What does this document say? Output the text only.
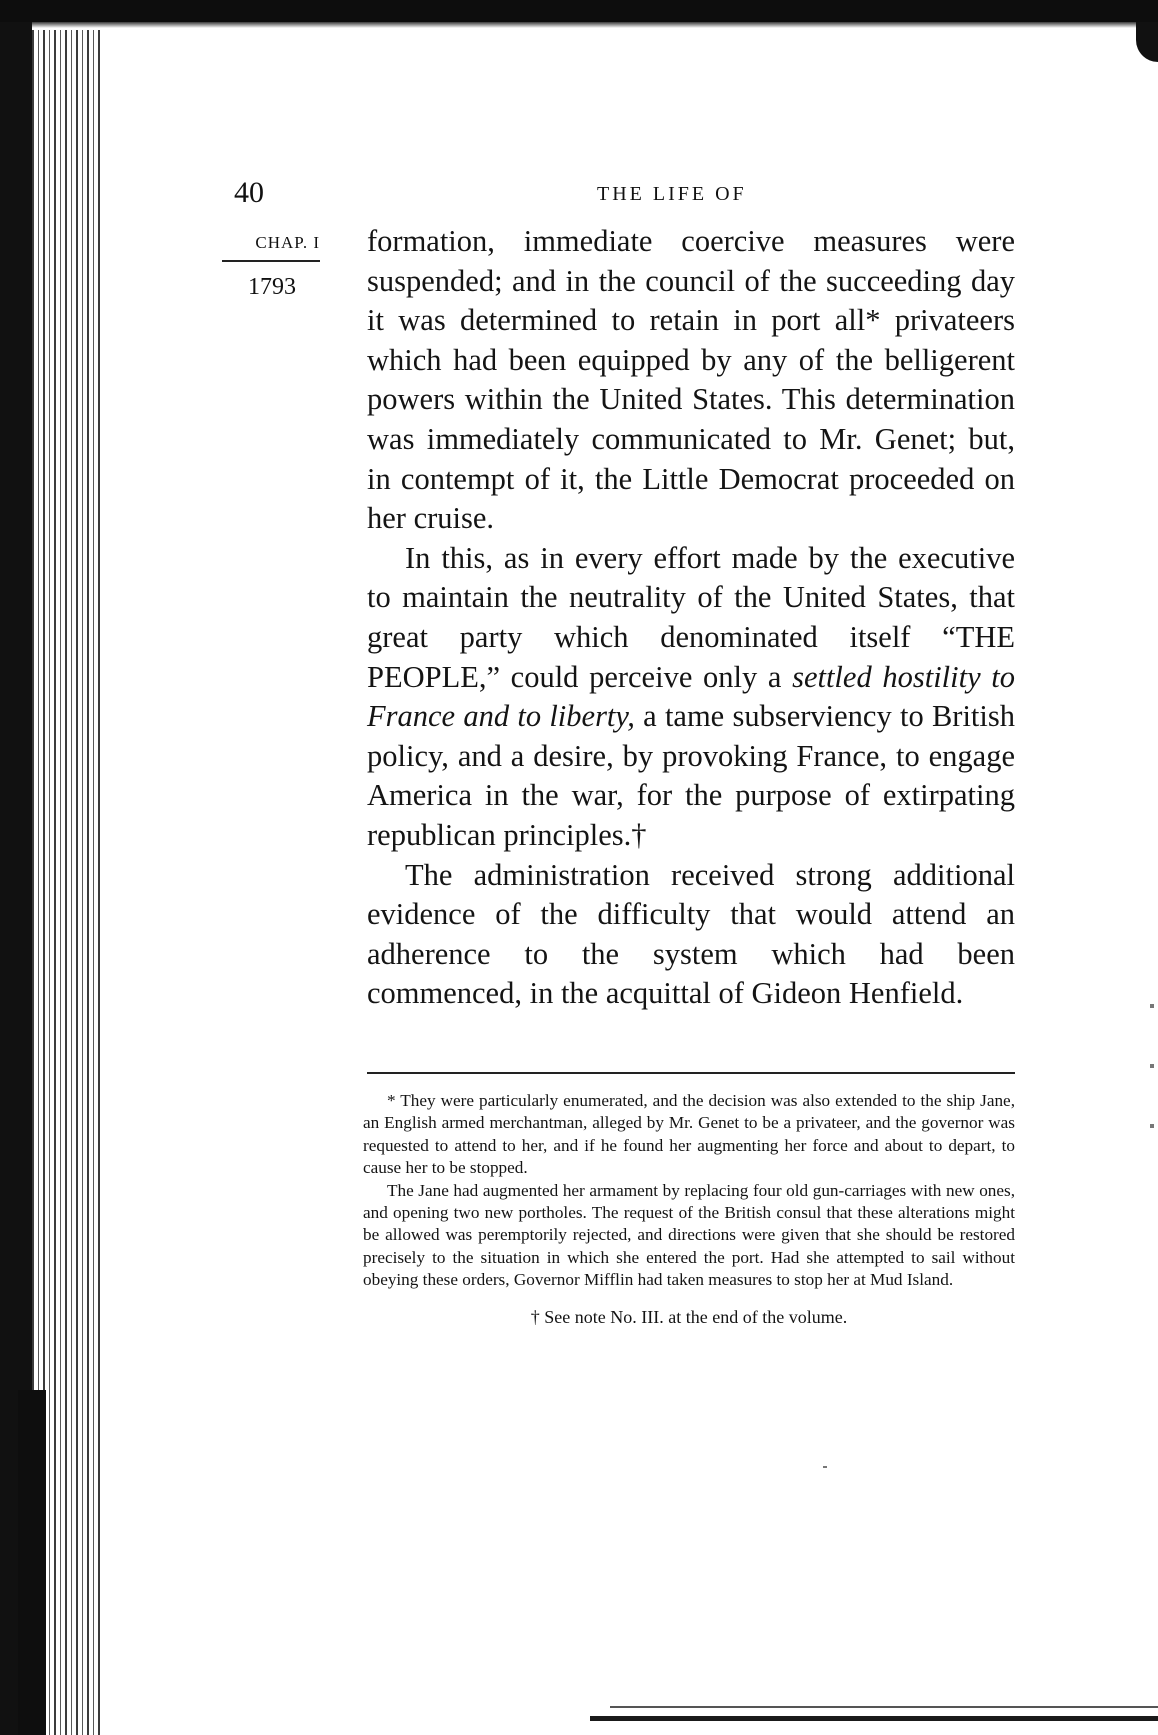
40	THE LIFE OF

CHAP. I
1793

formation, immediate coercive measures were suspended; and in the council of the succeeding day it was determined to retain in port all* privateers which had been equipped by any of the belligerent powers within the United States. This determination was immediately communicated to Mr. Genet; but, in contempt of it, the Little Democrat proceeded on her cruise.

In this, as in every effort made by the executive to maintain the neutrality of the United States, that great party which denominated itself “THE PEOPLE,” could perceive only a settled hostility to France and to liberty, a tame subserviency to British policy, and a desire, by provoking France, to engage America in the war, for the purpose of extirpating republican principles.†

The administration received strong additional evidence of the difficulty that would attend an adherence to the system which had been commenced, in the acquittal of Gideon Henfield.

* They were particularly enumerated, and the decision was also extended to the ship Jane, an English armed merchantman, alleged by Mr. Genet to be a privateer, and the governor was requested to attend to her, and if he found her augmenting her force and about to depart, to cause her to be stopped.

The Jane had augmented her armament by replacing four old gun-carriages with new ones, and opening two new portholes. The request of the British consul that these alterations might be allowed was peremptorily rejected, and directions were given that she should be restored precisely to the situation in which she entered the port. Had she attempted to sail without obeying these orders, Governor Mifflin had taken measures to stop her at Mud Island.

† See note No. III. at the end of the volume.
